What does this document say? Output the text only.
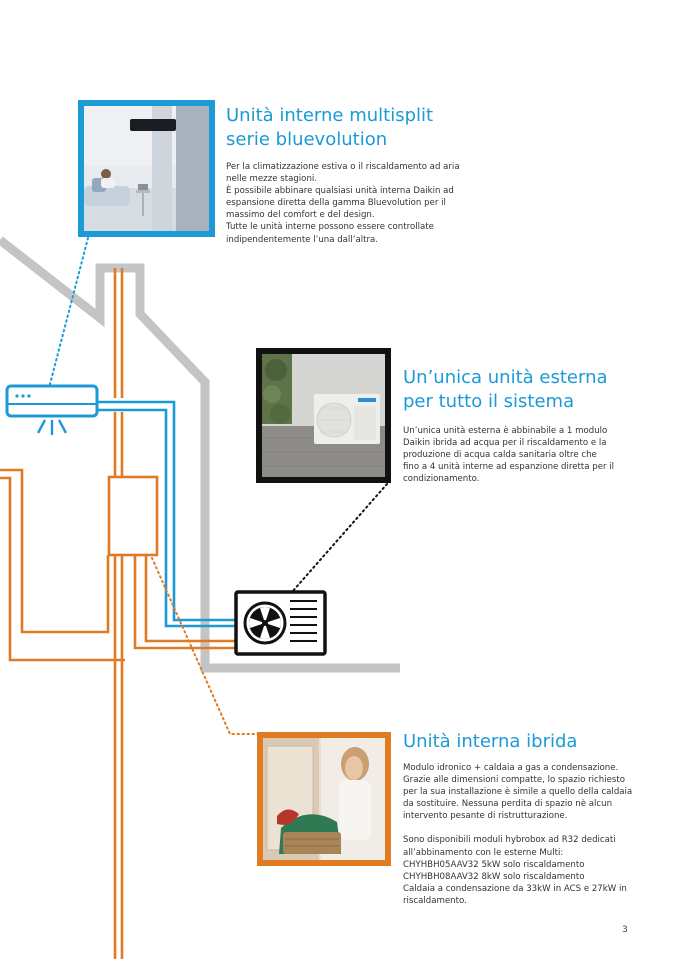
Unità interne multisplit
serie bluevolution

Per la climatizzazione estiva o il riscaldamento ad aria

nelle mezze stagioni.

È possibile abbinare qualsiasi unità interna Daikin ad

espansione diretta della gamma Bluevolution per il

massimo del comfort e del design.

Tutte le unità interne possono essere controllate

indipendentemente l’una dall’altra.

Un’unica unità esterna
per tutto il sistema

Un’unica unità esterna è abbinabile a 1 modulo

Daikin ibrida ad acqua per il riscaldamento e la

produzione di acqua calda sanitaria oltre che

fino a 4 unità interne ad espanzione diretta per il

condizionamento.

Unità interna ibrida

Modulo idronico + caldaia a gas a condensazione.

Grazie alle dimensioni compatte, lo spazio richiesto

per la sua installazione è simile a quello della caldaia

da sostituire. Nessuna perdita di spazio nè alcun

intervento pesante di ristrutturazione.

Sono disponibili moduli hybrobox ad R32 dedicati

all’abbinamento con le esterne Multi:

CHYHBH05AAV32 5kW solo riscaldamento

CHYHBH08AAV32 8kW solo riscaldamento

Caldaia a condensazione da 33kW in ACS e 27kW in

riscaldamento.

3
